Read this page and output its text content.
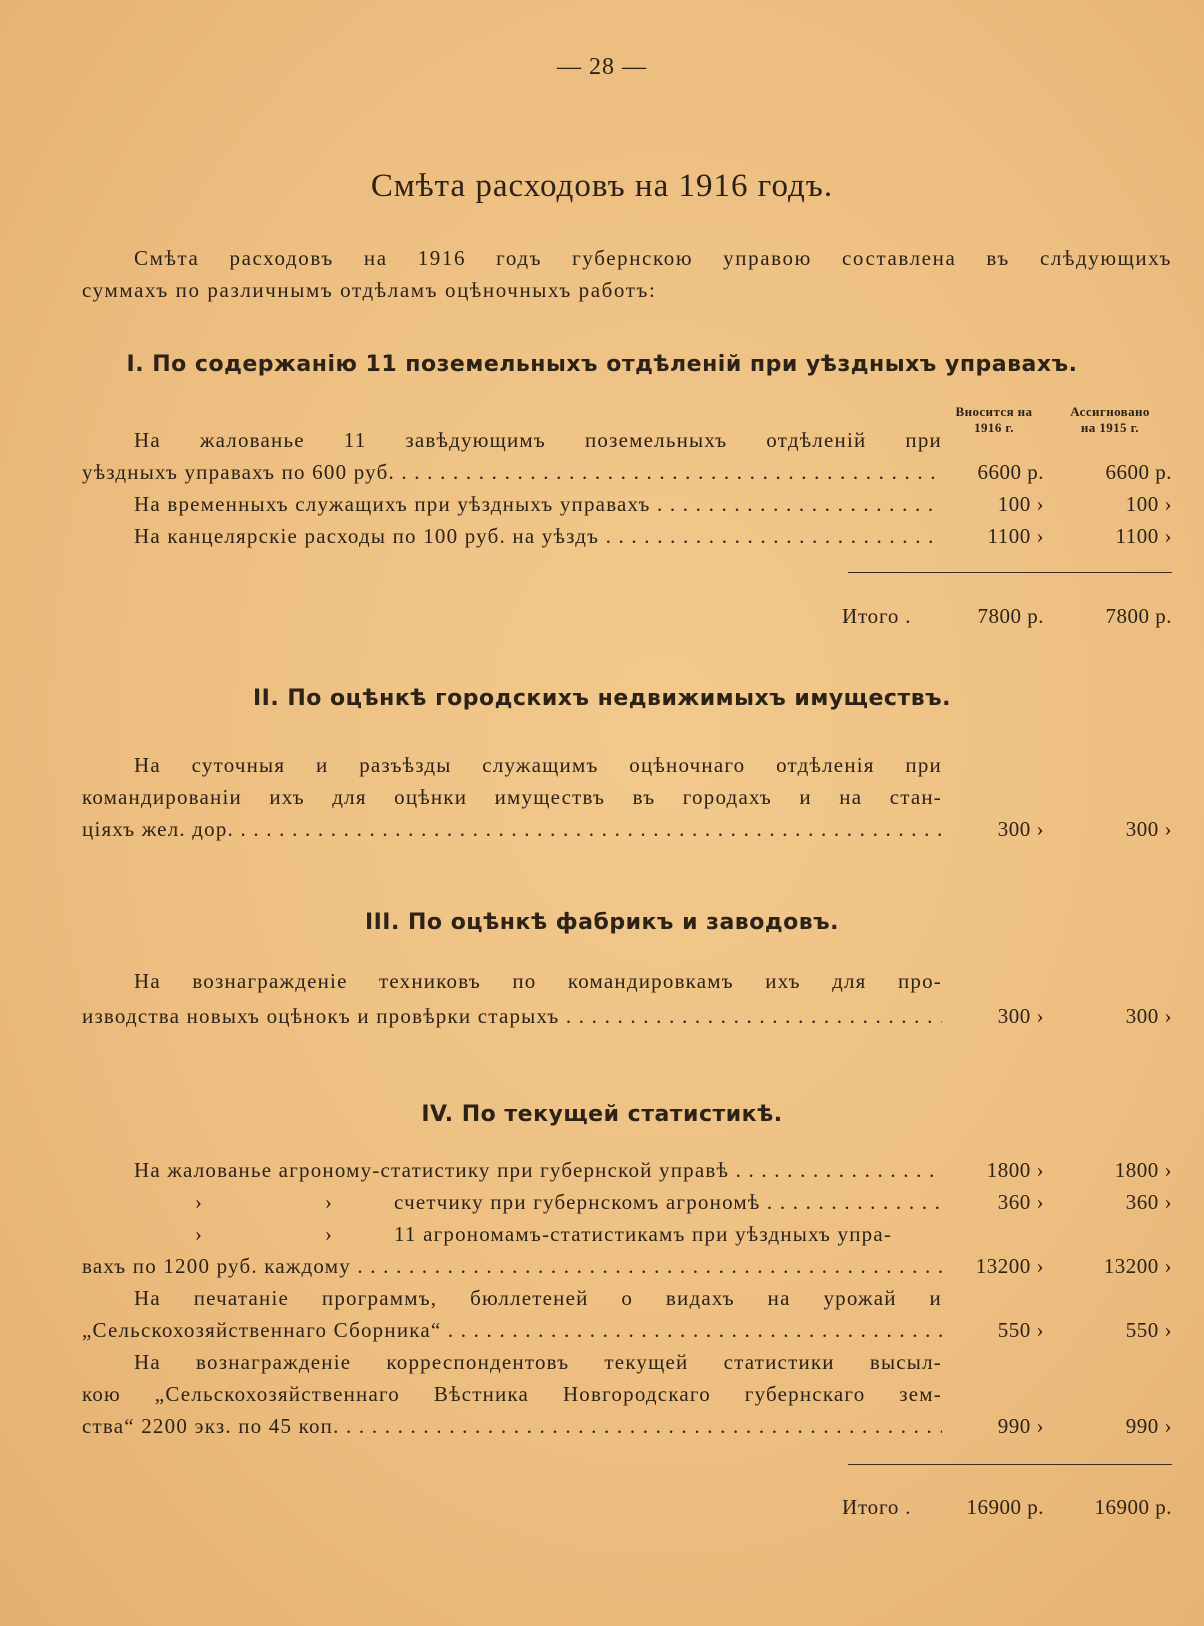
— 28 —
Смѣта расходовъ на 1916 годъ.
Смѣта расходовъ на 1916 годъ губернскою управою составлена въ слѣдующихъ
суммахъ по различнымъ отдѣламъ оцѣночныхъ работъ:
I. По содержанію 11 поземельныхъ отдѣленій при уѣздныхъ управахъ.
Вносится на
1916 г.
Ассигновано
на 1915 г.
На жалованье 11 завѣдующимъ поземельныхъ отдѣленій при
уѣздныхъ управахъ по 600 руб. . . .	6600 р.	6600 р.
На временныхъ служащихъ при уѣздныхъ управахъ . . .	100 ›	100 ›
На канцелярскіе расходы по 100 руб. на уѣздъ . . .	1100 ›	1100 ›
Итого .	7800 р.	7800 р.
II. По оцѣнкѣ городскихъ недвижимыхъ имуществъ.
На суточныя и разъѣзды служащимъ оцѣночнаго отдѣленія при
командированіи ихъ для оцѣнки имуществъ въ городахъ и на стан-
ціяхъ жел. дор. . . .	300 ›	300 ›
III. По оцѣнкѣ фабрикъ и заводовъ.
На вознагражденіе техниковъ по командировкамъ ихъ для про-
изводства новыхъ оцѣнокъ и провѣрки старыхъ . . .	300 ›	300 ›
IV. По текущей статистикѣ.
На жалованье агроному-статистику при губернской управѣ . . .	1800 ›	1800 ›
›	›	счетчику при губернскомъ агрономѣ . . .	360 ›	360 ›
›	›	11 агрономамъ-статистикамъ при уѣздныхъ упра-
вахъ по 1200 руб. каждому . . .	13200 ›	13200 ›
На печатаніе программъ, бюллетеней о видахъ на урожай и
„Сельскохозяйственнаго Сборника“ . . .	550 ›	550 ›
На вознагражденіе корреспондентовъ текущей статистики высыл-
кою „Сельскохозяйственнаго Вѣстника Новгородскаго губернскаго зем-
ства“ 2200 экз. по 45 коп. . . .	990 ›	990 ›
Итого .	16900 р.	16900 р.
